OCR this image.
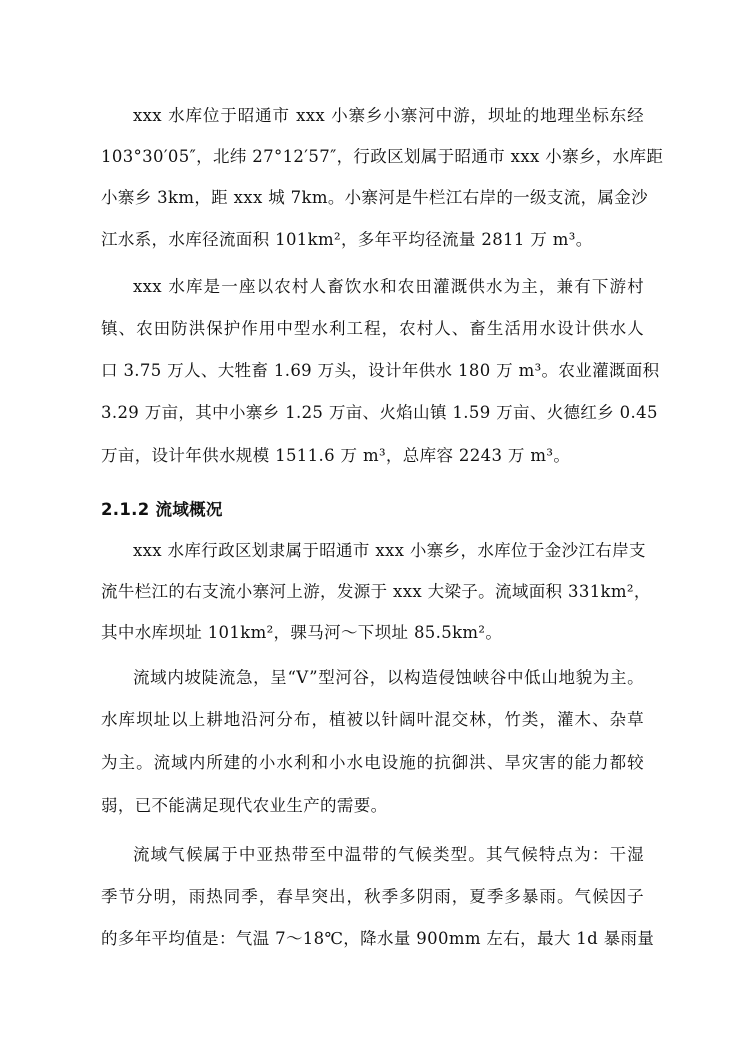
xxx 水库位于昭通市 xxx 小寨乡小寨河中游，坝址的地理坐标东经
103°30′05″，北纬 27°12′57″，行政区划属于昭通市 xxx 小寨乡，水库距
小寨乡 3km，距 xxx 城 7km。小寨河是牛栏江右岸的一级支流，属金沙
江水系，水库径流面积 101km²，多年平均径流量 2811 万 m³。
xxx 水库是一座以农村人畜饮水和农田灌溉供水为主，兼有下游村
镇、农田防洪保护作用中型水利工程，农村人、畜生活用水设计供水人
口 3.75 万人、大牲畜 1.69 万头，设计年供水 180 万 m³。农业灌溉面积
3.29 万亩，其中小寨乡 1.25 万亩、火焰山镇 1.59 万亩、火德红乡 0.45
万亩，设计年供水规模 1511.6 万 m³，总库容 2243 万 m³。
2.1.2 流域概况
xxx 水库行政区划隶属于昭通市 xxx 小寨乡，水库位于金沙江右岸支
流牛栏江的右支流小寨河上游，发源于 xxx 大梁子。流域面积 331km²，
其中水库坝址 101km²，骒马河～下坝址 85.5km²。
流域内坡陡流急，呈“V”型河谷，以构造侵蚀峡谷中低山地貌为主。
水库坝址以上耕地沿河分布，植被以针阔叶混交林，竹类，灌木、杂草
为主。流域内所建的小水利和小水电设施的抗御洪、旱灾害的能力都较
弱，已不能满足现代农业生产的需要。
流域气候属于中亚热带至中温带的气候类型。其气候特点为：干湿
季节分明，雨热同季，春旱突出，秋季多阴雨，夏季多暴雨。气候因子
的多年平均值是：气温 7～18℃，降水量 900mm 左右，最大 1d 暴雨量
